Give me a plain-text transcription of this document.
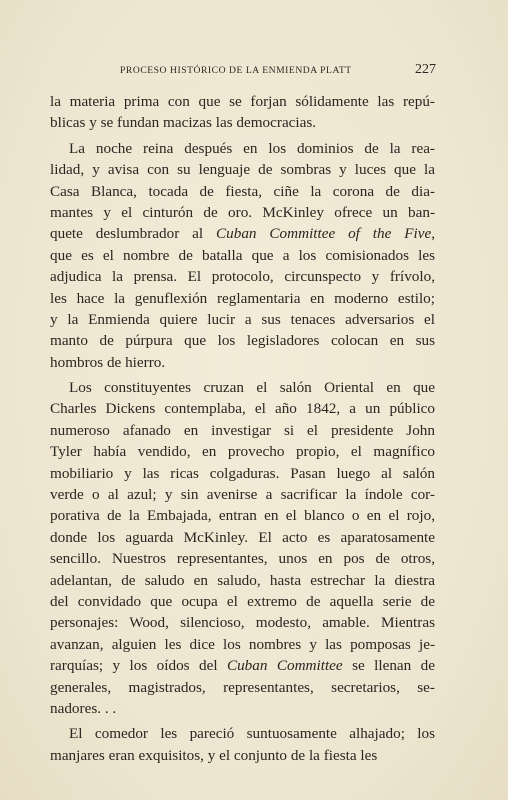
PROCESO HISTÓRICO DE LA ENMIENDA PLATT	227

la materia prima con que se forjan sólidamente las repú-
blicas y se fundan macizas las democracias.

La noche reina después en los dominios de la rea-
lidad, y avisa con su lenguaje de sombras y luces que la
Casa Blanca, tocada de fiesta, ciñe la corona de dia-
mantes y el cinturón de oro. McKinley ofrece un ban-
quete deslumbrador al Cuban Committee of the Five,
que es el nombre de batalla que a los comisionados les
adjudica la prensa. El protocolo, circunspecto y frívolo,
les hace la genuflexión reglamentaria en moderno estilo;
y la Enmienda quiere lucir a sus tenaces adversarios el
manto de púrpura que los legisladores colocan en sus
hombros de hierro.

Los constituyentes cruzan el salón Oriental en que
Charles Dickens contemplaba, el año 1842, a un público
numeroso afanado en investigar si el presidente John
Tyler había vendido, en provecho propio, el magnífico
mobiliario y las ricas colgaduras. Pasan luego al salón
verde o al azul; y sin avenirse a sacrificar la índole cor-
porativa de la Embajada, entran en el blanco o en el rojo,
donde los aguarda McKinley. El acto es aparatosamente
sencillo. Nuestros representantes, unos en pos de otros,
adelantan, de saludo en saludo, hasta estrechar la diestra
del convidado que ocupa el extremo de aquella serie de
personajes: Wood, silencioso, modesto, amable. Mientras
avanzan, alguien les dice los nombres y las pomposas je-
rarquías; y los oídos del Cuban Committee se llenan de
generales, magistrados, representantes, secretarios, se-
nadores. . .

El comedor les pareció suntuosamente alhajado; los
manjares eran exquisitos, y el conjunto de la fiesta les
